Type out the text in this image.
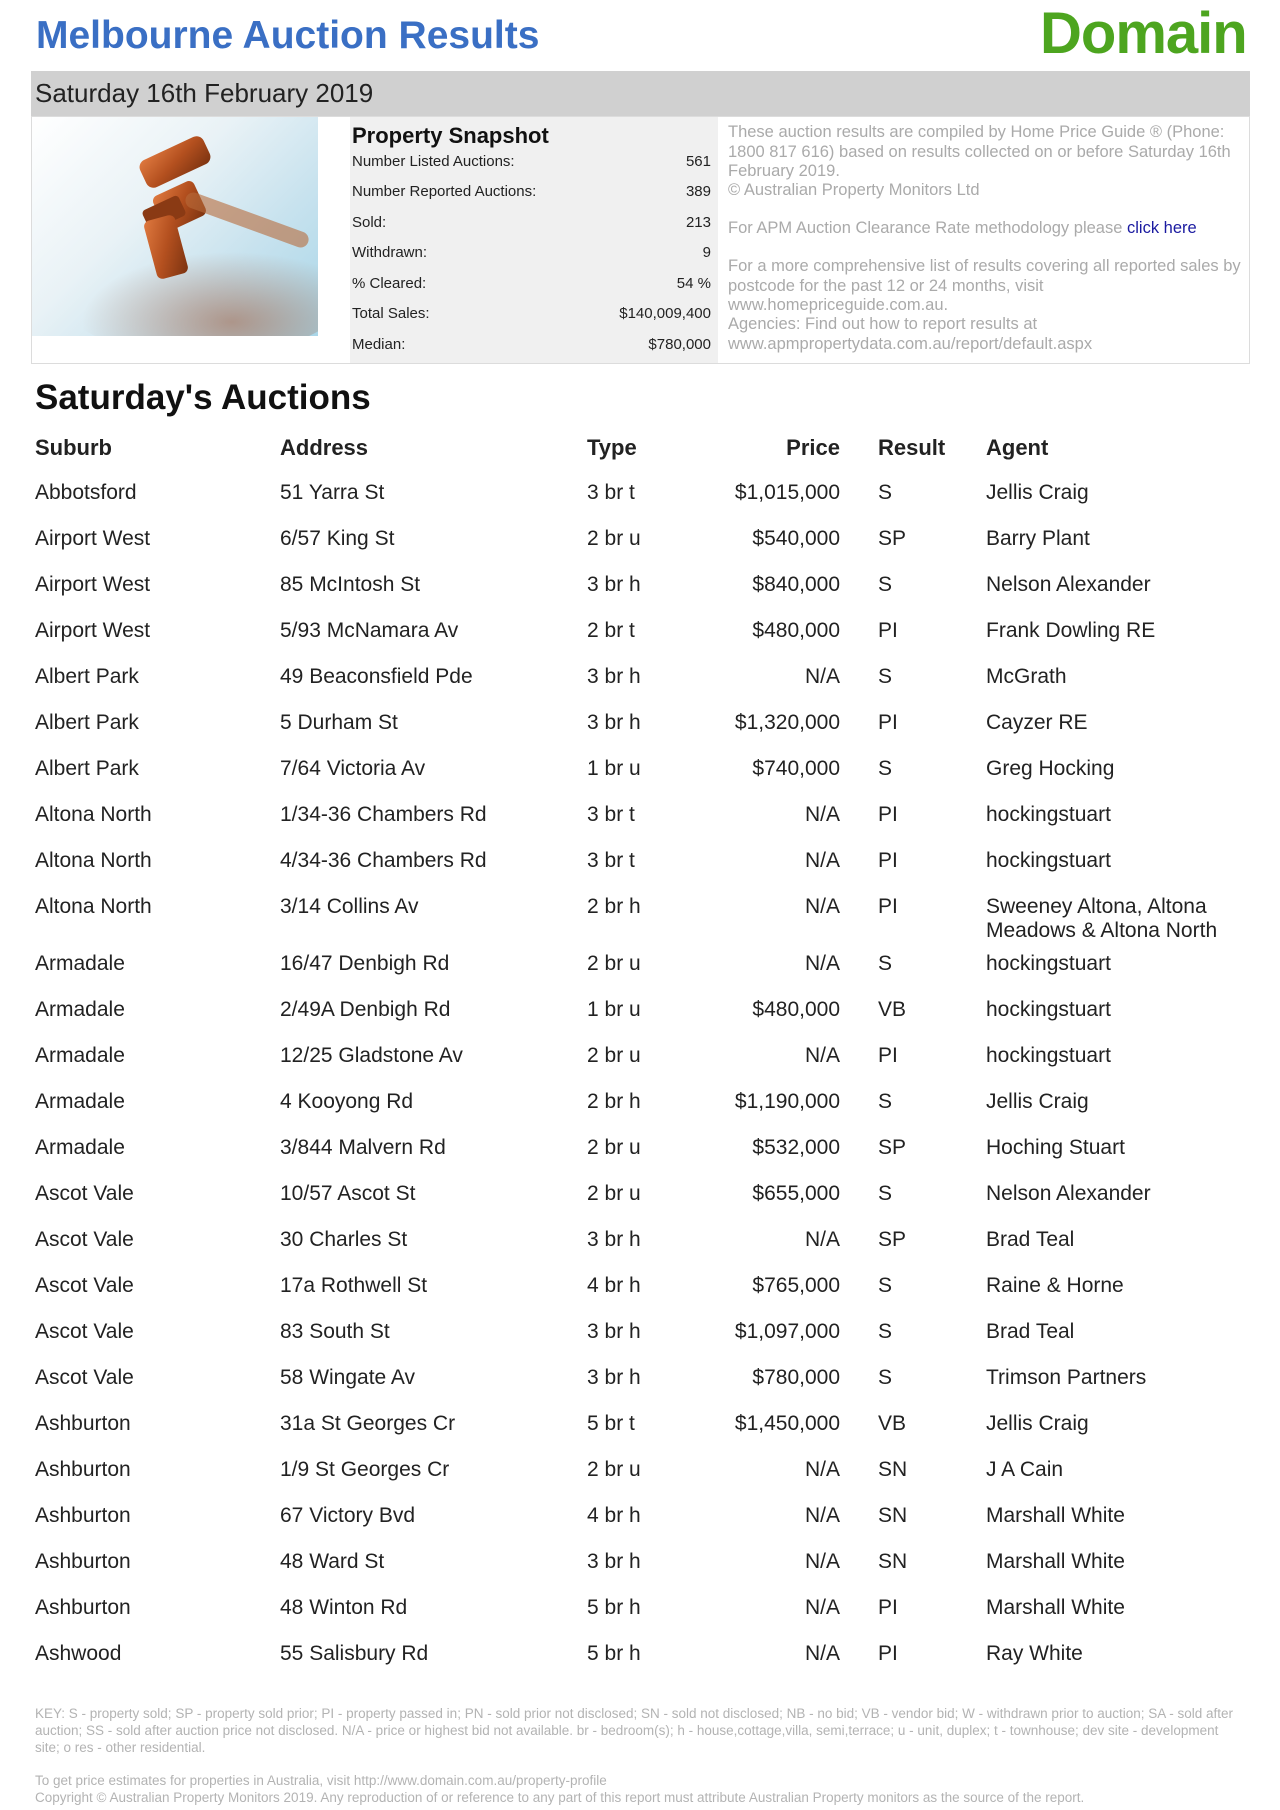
Melbourne Auction Results	Domain
Saturday 16th February 2019
Property Snapshot
Number Listed Auctions:	561
Number Reported Auctions:	389
Sold:	213
Withdrawn:	9
% Cleared:	54 %
Total Sales:	$140,009,400
Median:	$780,000
These auction results are compiled by Home Price Guide ® (Phone: 1800 817 616) based on results collected on or before Saturday 16th February 2019.
© Australian Property Monitors Ltd
For APM Auction Clearance Rate methodology please click here
For a more comprehensive list of results covering all reported sales by postcode for the past 12 or 24 months, visit www.homepriceguide.com.au.
Agencies: Find out how to report results at www.apmpropertydata.com.au/report/default.aspx
Saturday's Auctions
Suburb	Address	Type	Price Result Agent
Abbotsford	51 Yarra St	3 br t	$1,015,000 S	Jellis Craig
Airport West	6/57 King St	2 br u	$540,000 SP	Barry Plant
Airport West	85 McIntosh St	3 br h	$840,000 S	Nelson Alexander
Airport West	5/93 McNamara Av	2 br t	$480,000 PI	Frank Dowling RE
Albert Park	49 Beaconsfield Pde	3 br h	N/A S	McGrath
Albert Park	5 Durham St	3 br h	$1,320,000 PI	Cayzer RE
Albert Park	7/64 Victoria Av	1 br u	$740,000 S	Greg Hocking
Altona North	1/34-36 Chambers Rd	3 br t	N/A PI	hockingstuart
Altona North	4/34-36 Chambers Rd	3 br t	N/A PI	hockingstuart
Altona North	3/14 Collins Av	2 br h	N/A PI	Sweeney Altona, Altona Meadows & Altona North
Armadale	16/47 Denbigh Rd	2 br u	N/A S	hockingstuart
Armadale	2/49A Denbigh Rd	1 br u	$480,000 VB	hockingstuart
Armadale	12/25 Gladstone Av	2 br u	N/A PI	hockingstuart
Armadale	4 Kooyong Rd	2 br h	$1,190,000 S	Jellis Craig
Armadale	3/844 Malvern Rd	2 br u	$532,000 SP	Hoching Stuart
Ascot Vale	10/57 Ascot St	2 br u	$655,000 S	Nelson Alexander
Ascot Vale	30 Charles St	3 br h	N/A SP	Brad Teal
Ascot Vale	17a Rothwell St	4 br h	$765,000 S	Raine & Horne
Ascot Vale	83 South St	3 br h	$1,097,000 S	Brad Teal
Ascot Vale	58 Wingate Av	3 br h	$780,000 S	Trimson Partners
Ashburton	31a St Georges Cr	5 br t	$1,450,000 VB	Jellis Craig
Ashburton	1/9 St Georges Cr	2 br u	N/A SN	J A Cain
Ashburton	67 Victory Bvd	4 br h	N/A SN	Marshall White
Ashburton	48 Ward St	3 br h	N/A SN	Marshall White
Ashburton	48 Winton Rd	5 br h	N/A PI	Marshall White
Ashwood	55 Salisbury Rd	5 br h	N/A PI	Ray White
KEY: S - property sold; SP - property sold prior; PI - property passed in; PN - sold prior not disclosed; SN - sold not disclosed; NB - no bid; VB - vendor bid; W - withdrawn prior to auction; SA - sold after auction; SS - sold after auction price not disclosed. N/A - price or highest bid not available. br - bedroom(s); h - house,cottage,villa, semi,terrace; u - unit, duplex; t - townhouse; dev site - development site; o res - other residential.
To get price estimates for properties in Australia, visit http://www.domain.com.au/property-profile
Copyright © Australian Property Monitors 2019. Any reproduction of or reference to any part of this report must attribute Australian Property monitors as the source of the report.
